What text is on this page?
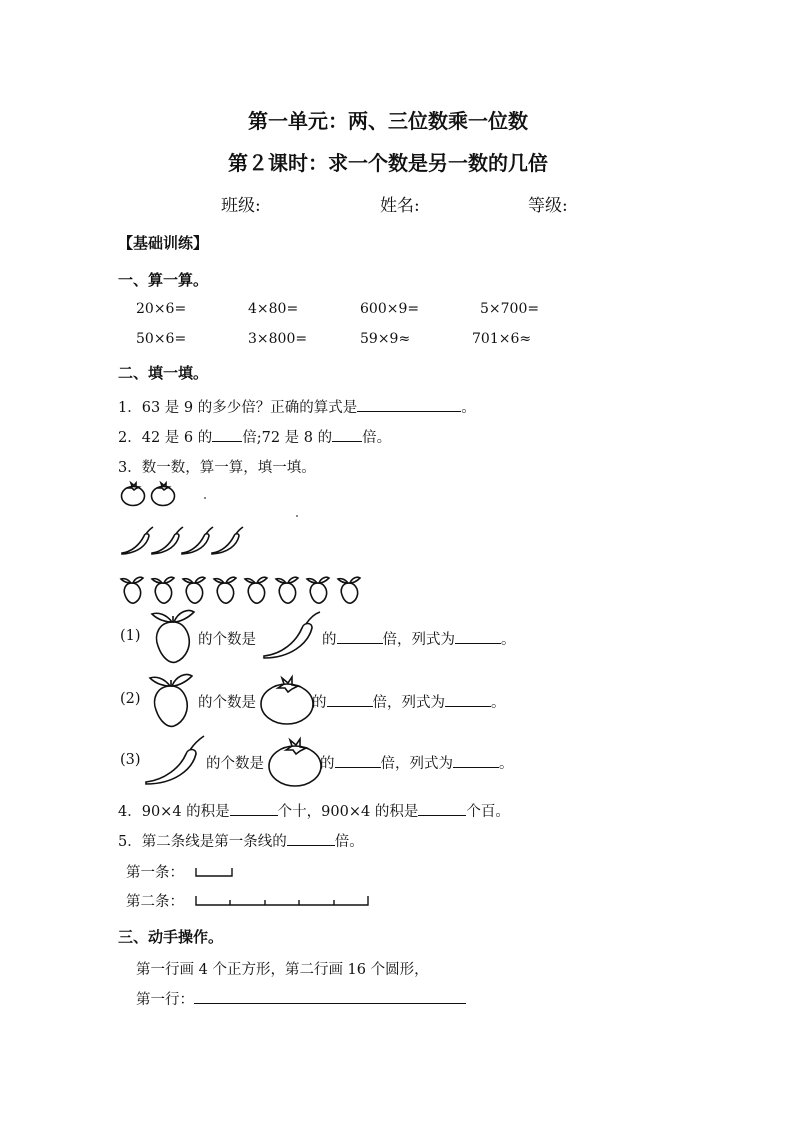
第一单元：两、三位数乘一位数
第２课时：求一个数是另一数的几倍
班级:	姓名:	等级:
【基础训练】
一、算一算。
20×6=	4×80=	600×9=	5×700=
50×6=	3×800=	59×9≈	701×6≈
二、填一填。
1．63 是 9 的多少倍？正确的算式是	。
2．42 是 6 的 倍;72 是 8 的 倍。
3．数一数，算一算，填一填。
(1)	的个数是	的	倍，列式为	。
(2)	的个数是	的	倍，列式为	。
(3)	的个数是	的	倍，列式为	。
4．90×4 的积是	个十，900×4 的积是	个百。
5．第二条线是第一条线的	倍。
第一条：
第二条：
三、动手操作。
第一行画 4 个正方形，第二行画 16 个圆形，
第一行：
